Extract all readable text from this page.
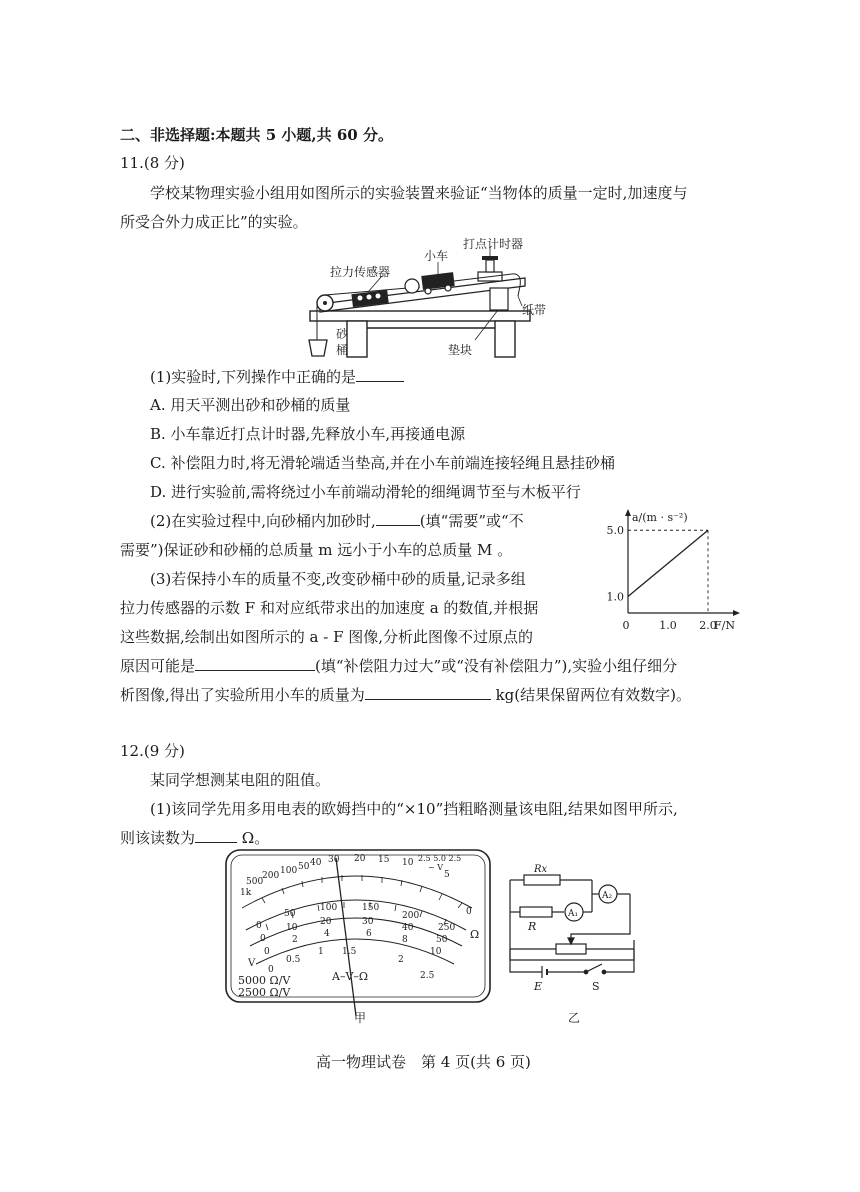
二、非选择题:本题共 5 小题,共 60 分。
11.(8 分)
学校某物理实验小组用如图所示的实验装置来验证“当物体的质量一定时,加速度与
所受合外力成正比”的实验。
打点计时器
拉力传感器
小车
纸带
砂
桶	垫块
(1)实验时,下列操作中正确的是
A. 用天平测出砂和砂桶的质量
B. 小车靠近打点计时器,先释放小车,再接通电源
C. 补偿阻力时,将无滑轮端适当垫高,并在小车前端连接轻绳且悬挂砂桶
D. 进行实验前,需将绕过小车前端动滑轮的细绳调节至与木板平行
(2)在实验过程中,向砂桶内加砂时,	(填“需要”或“不
需要”)保证砂和砂桶的总质量 m 远小于小车的总质量 M 。
(3)若保持小车的质量不变,改变砂桶中砂的质量,记录多组
拉力传感器的示数 F 和对应纸带求出的加速度 a 的数值,并根据
这些数据,绘制出如图所示的 a - F 图像,分析此图像不过原点的
原因可能是	(填“补偿阻力过大”或“没有补偿阻力”),实验小组仔细分
析图像,得出了实验所用小车的质量为	kg(结果保留两位有效数字)。
a/(m · s⁻²)
F/N
1.0
5.0
0	1.0 2.0
12.(9 分)
某同学想测某电阻的阻值。
(1)该同学先用多用电表的欧姆挡中的“×10”挡粗略测量该电阻,结果如图甲所示,
则该读数为	Ω。
1k
500
200 100 50 40 30 20 15 10
5
0
2.5 5.0 2.5
~ V
0
50
100	150
200
250
0
10
20	30
40
50
0
2
4	6
8
10
0
0.5
1 1.5
2
2.5
Ω
V
A–V–Ω
5000 Ω/V
2500 Ω/V
甲
Rx
R
A₁
A₂
E	S
乙
高一物理试卷　第 4 页(共 6 页)
